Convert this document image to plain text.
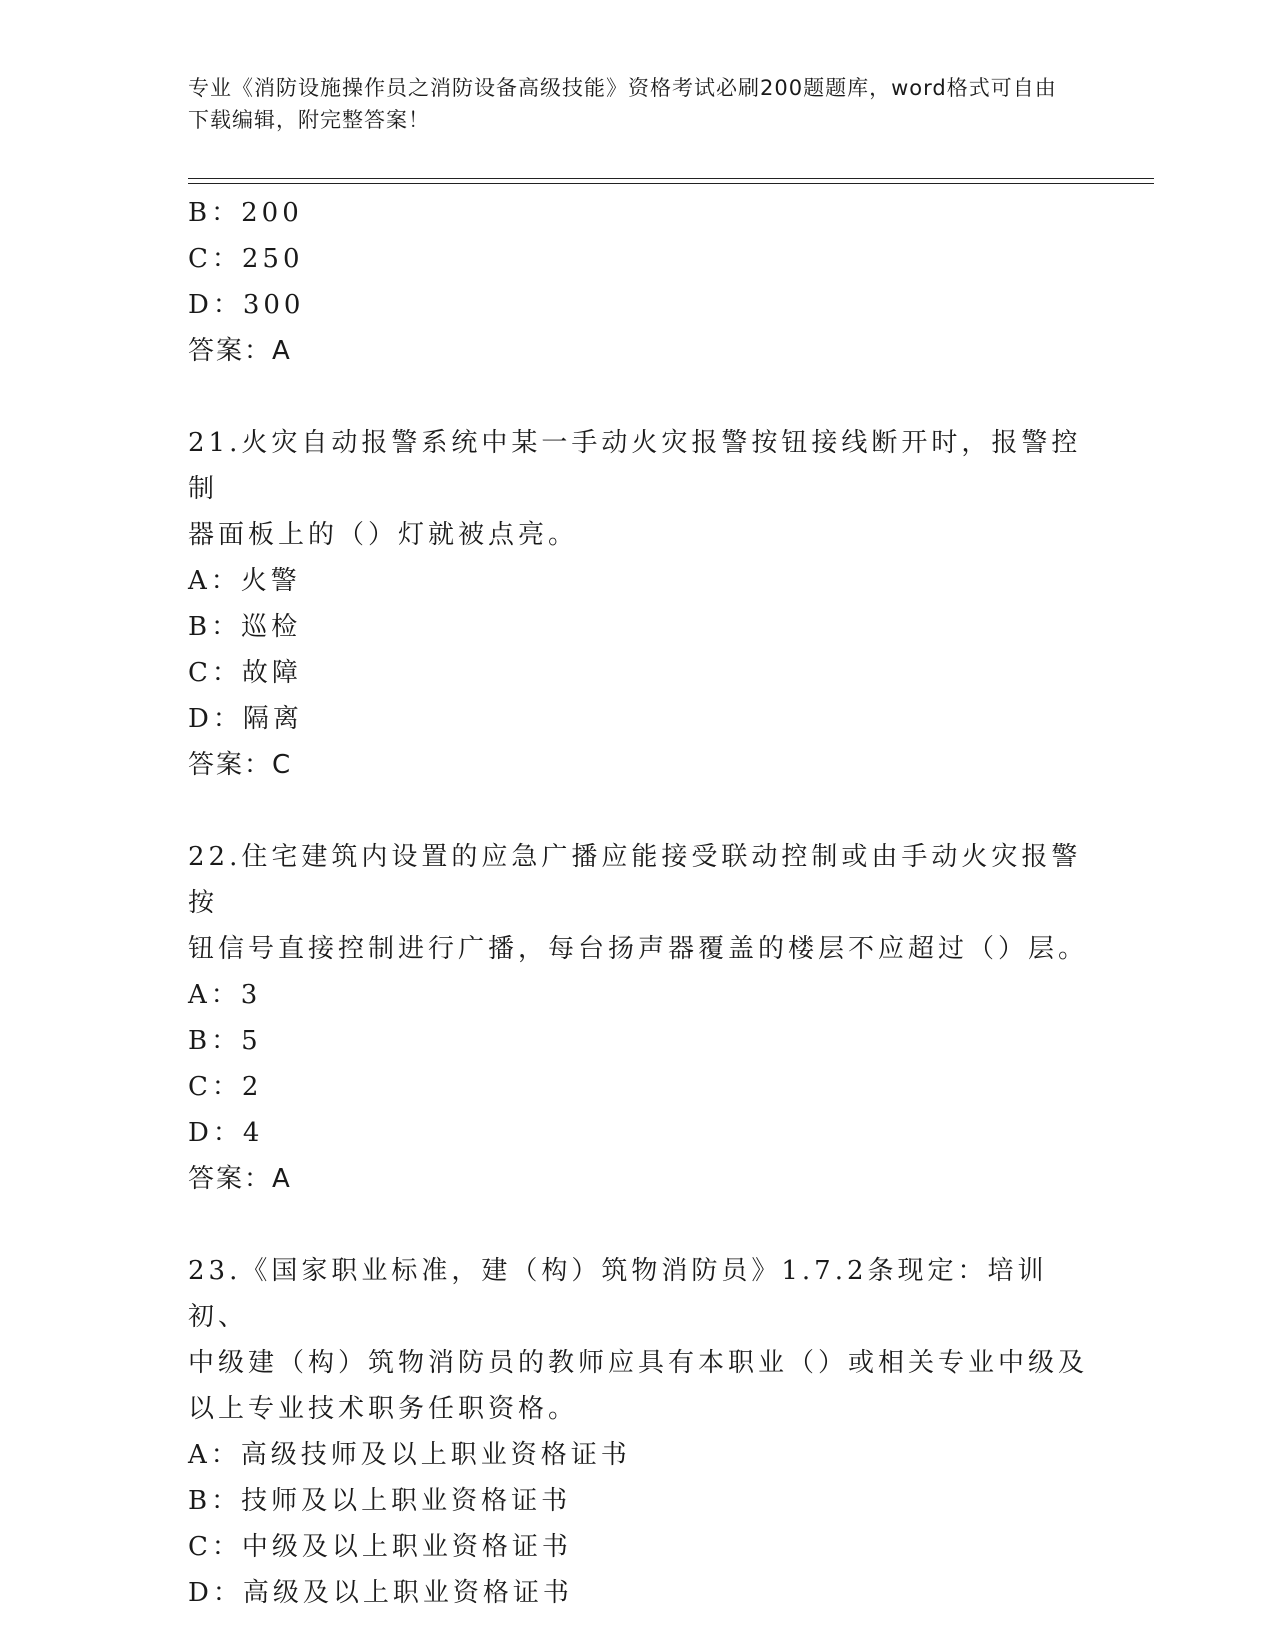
专业《消防设施操作员之消防设备高级技能》资格考试必刷200题题库，word格式可自由下载编辑，附完整答案！
B：200
C：250
D：300
答案：A
21.火灾自动报警系统中某一手动火灾报警按钮接线断开时，报警控制
器面板上的（）灯就被点亮。
A：火警
B：巡检
C：故障
D：隔离
答案：C
22.住宅建筑内设置的应急广播应能接受联动控制或由手动火灾报警按
钮信号直接控制进行广播，每台扬声器覆盖的楼层不应超过（）层。
A：3
B：5
C：2
D：4
答案：A
23.《国家职业标准，建（构）筑物消防员》1.7.2条现定：培训初、
中级建（构）筑物消防员的教师应具有本职业（）或相关专业中级及
以上专业技术职务任职资格。
A：高级技师及以上职业资格证书
B：技师及以上职业资格证书
C：中级及以上职业资格证书
D：高级及以上职业资格证书
